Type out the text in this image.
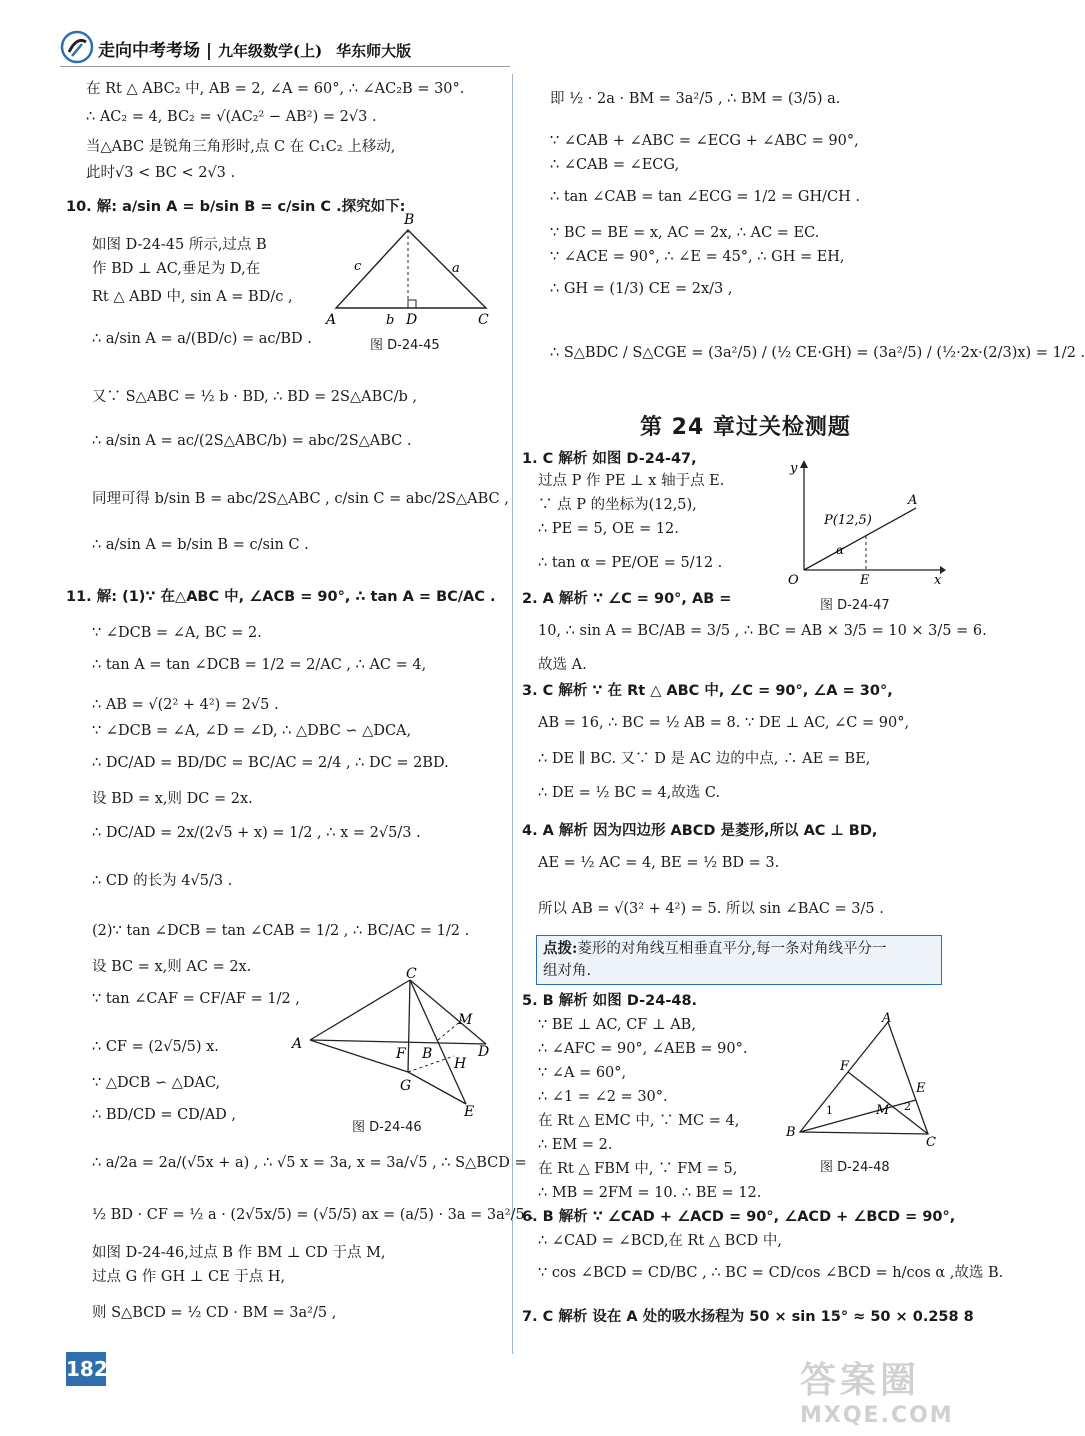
走向中考考场 | 九年级数学(上) 华东师大版
在 Rt △ ABC₂ 中, AB = 2, ∠A = 60°, ∴ ∠AC₂B = 30°.
∴ AC₂ = 4, BC₂ = √(AC₂² − AB²) = 2√3 .
当△ABC 是锐角三角形时,点 C 在 C₁C₂ 上移动,
此时√3 < BC < 2√3 .
10. 解: a/sin A = b/sin B = c/sin C .探究如下:
如图 D-24-45 所示,过点 B
作 BD ⊥ AC,垂足为 D,在
Rt △ ABD 中, sin A = BD/c ,
∴ a/sin A = a/(BD/c) = ac/BD .
又∵ S△ABC = ½ b · BD, ∴ BD = 2S△ABC/b ,
∴ a/sin A = ac/(2S△ABC/b) = abc/2S△ABC .
同理可得 b/sin B = abc/2S△ABC , c/sin C = abc/2S△ABC ,
∴ a/sin A = b/sin B = c/sin C .
11. 解: (1)∵ 在△ABC 中, ∠ACB = 90°, ∴ tan A = BC/AC .
∵ ∠DCB = ∠A, BC = 2.
∴ tan A = tan ∠DCB = 1/2 = 2/AC , ∴ AC = 4,
∴ AB = √(2² + 4²) = 2√5 .
∵ ∠DCB = ∠A, ∠D = ∠D, ∴ △DBC ∽ △DCA,
∴ DC/AD = BD/DC = BC/AC = 2/4 , ∴ DC = 2BD.
设 BD = x,则 DC = 2x.
∴ DC/AD = 2x/(2√5 + x) = 1/2 , ∴ x = 2√5/3 .
∴ CD 的长为 4√5/3 .
(2)∵ tan ∠DCB = tan ∠CAB = 1/2 , ∴ BC/AC = 1/2 .
设 BC = x,则 AC = 2x.
∵ tan ∠CAF = CF/AF = 1/2 ,
∴ CF = (2√5/5) x.
∵ △DCB ∽ △DAC,
∴ BD/CD = CD/AD ,
∴ a/2a = 2a/(√5x + a) , ∴ √5 x = 3a, x = 3a/√5 , ∴ S△BCD =
½ BD · CF = ½ a · (2√5x/5) = (√5/5) ax = (a/5) · 3a = 3a²/5 .
如图 D-24-46,过点 B 作 BM ⊥ CD 于点 M,
过点 G 作 GH ⊥ CE 于点 H,
则 S△BCD = ½ CD · BM = 3a²/5 ,
B
c	a
A	b D	C
图 D-24-45
C
M
A
F B	D
H
G
E
图 D-24-46
即 ½ · 2a · BM = 3a²/5 , ∴ BM = (3/5) a.
∵ ∠CAB + ∠ABC = ∠ECG + ∠ABC = 90°,
∴ ∠CAB = ∠ECG,
∴ tan ∠CAB = tan ∠ECG = 1/2 = GH/CH .
∵ BC = BE = x, AC = 2x, ∴ AC = EC.
∵ ∠ACE = 90°, ∴ ∠E = 45°, ∴ GH = EH,
∴ GH = (1/3) CE = 2x/3 ,
∴ S△BDC / S△CGE = (3a²/5) / (½ CE·GH) = (3a²/5) / (½·2x·(2/3)x) = 1/2 .
第 24 章过关检测题
1. C 解析 如图 D-24-47,
过点 P 作 PE ⊥ x 轴于点 E.
∵ 点 P 的坐标为(12,5),
∴ PE = 5, OE = 12.
∴ tan α = PE/OE = 5/12 .
2. A 解析 ∵ ∠C = 90°, AB =
10, ∴ sin A = BC/AB = 3/5 , ∴ BC = AB × 3/5 = 10 × 3/5 = 6.
故选 A.
3. C 解析 ∵ 在 Rt △ ABC 中, ∠C = 90°, ∠A = 30°,
AB = 16, ∴ BC = ½ AB = 8. ∵ DE ⊥ AC, ∠C = 90°,
∴ DE ∥ BC. 又∵ D 是 AC 边的中点, ∴ AE = BE,
∴ DE = ½ BC = 4,故选 C.
4. A 解析 因为四边形 ABCD 是菱形,所以 AC ⊥ BD,
AE = ½ AC = 4, BE = ½ BD = 3.
所以 AB = √(3² + 4²) = 5. 所以 sin ∠BAC = 3/5 .
点拨:菱形的对角线互相垂直平分,每一条对角线平分一
组对角.
5. B 解析 如图 D-24-48.
∵ BE ⊥ AC, CF ⊥ AB,
∴ ∠AFC = 90°, ∠AEB = 90°.
∵ ∠A = 60°,
∴ ∠1 = ∠2 = 30°.
在 Rt △ EMC 中, ∵ MC = 4,
∴ EM = 2.
在 Rt △ FBM 中, ∵ FM = 5,
∴ MB = 2FM = 10. ∴ BE = 12.
6. B 解析 ∵ ∠CAD + ∠ACD = 90°, ∠ACD + ∠BCD = 90°,
∴ ∠CAD = ∠BCD,在 Rt △ BCD 中,
∵ cos ∠BCD = CD/BC , ∴ BC = CD/cos ∠BCD = h/cos α ,故选 B.
7. C 解析 设在 A 处的吸水扬程为 50 × sin 15° ≈ 50 × 0.258 8
y
A
P(12,5)
α
O	E	x
图 D-24-47
A
F
E
2
1	M
B
C
图 D-24-48
182	答案圈
MXQE.COM
